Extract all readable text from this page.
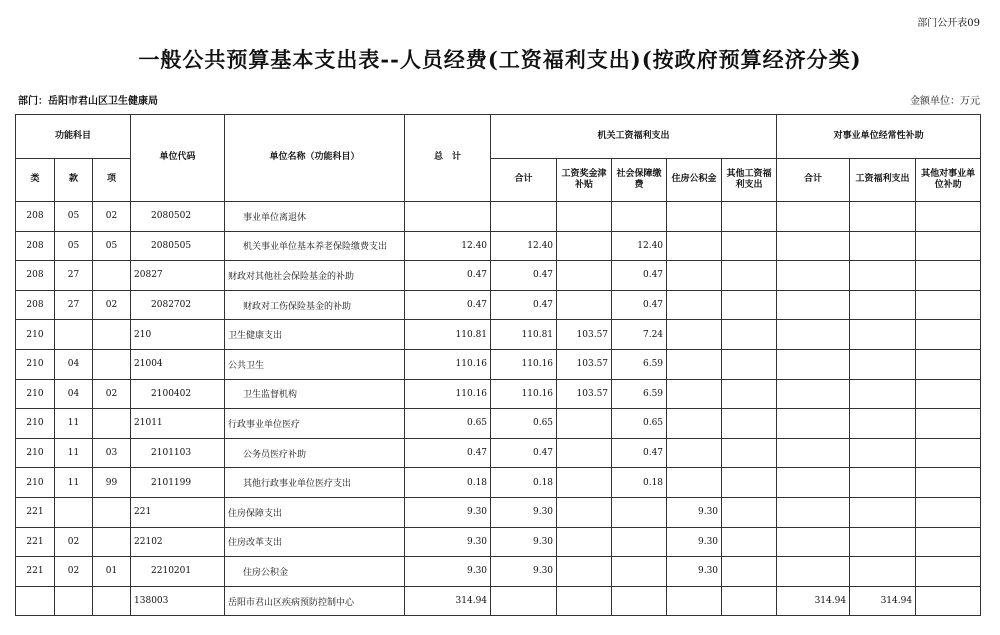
部门公开表09
一般公共预算基本支出表--人员经费(工资福利支出)(按政府预算经济分类)
部门：岳阳市君山区卫生健康局	金额单位：万元
功能科目			单位代码	单位名称（功能科目）	总　计	机关工资福利支出					对事业单位经常性补助		
类	款	项				合计	工资奖金津补贴	社会保障缴费	住房公积金	其他工资福利支出	合计	工资福利支出	其他对事业单位补助
208	05	02	2080502	事业单位离退休									
208	05	05	2080505	机关事业单位基本养老保险缴费支出	12.40	12.40		12.40					
208	27		20827	财政对其他社会保险基金的补助	0.47	0.47		0.47					
208	27	02	2082702	财政对工伤保险基金的补助	0.47	0.47		0.47					
210			210	卫生健康支出	110.81	110.81	103.57	7.24					
210	04		21004	公共卫生	110.16	110.16	103.57	6.59					
210	04	02	2100402	卫生监督机构	110.16	110.16	103.57	6.59					
210	11		21011	行政事业单位医疗	0.65	0.65		0.65					
210	11	03	2101103	公务员医疗补助	0.47	0.47		0.47					
210	11	99	2101199	其他行政事业单位医疗支出	0.18	0.18		0.18					
221			221	住房保障支出	9.30	9.30			9.30				
221	02		22102	住房改革支出	9.30	9.30			9.30				
221	02	01	2210201	住房公积金	9.30	9.30			9.30				
			138003	岳阳市君山区疾病预防控制中心	314.94						314.94	314.94	
